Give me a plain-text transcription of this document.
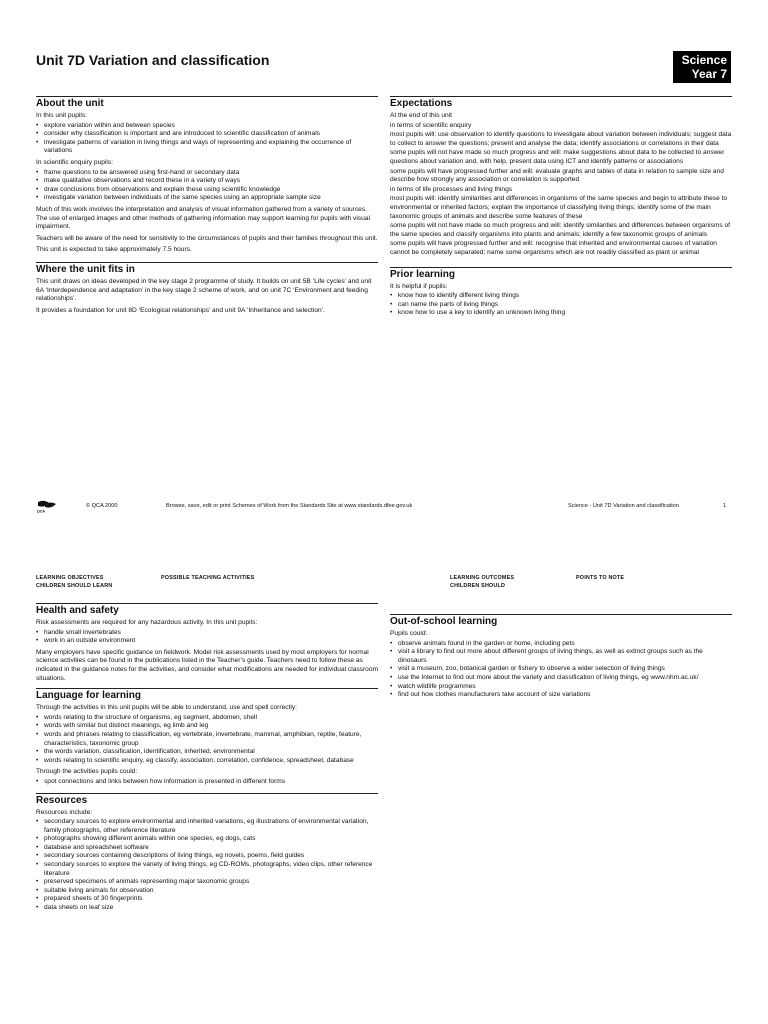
Unit 7D Variation and classification	Science
Year 7
About the unit
In this unit pupils:
• explore variation within and between species
• consider why classification is important and are introduced to scientific classification of animals
• investigate patterns of variation in living things and ways of representing and explaining the occurrence of variations
In scientific enquiry pupils:
• frame questions to be answered using first-hand or secondary data
• make qualitative observations and record these in a variety of ways
• draw conclusions from observations and explain these using scientific knowledge
• investigate variation between individuals of the same species using an appropriate sample size
Much of this work involves the interpretation and analysis of visual information gathered from a variety of sources. The use of enlarged images and other methods of gathering information may support learning for pupils with visual impairment.
Teachers will be aware of the need for sensitivity to the circumstances of pupils and their families throughout this unit.
This unit is expected to take approximately 7.5 hours.
Where the unit fits in
This unit draws on ideas developed in the key stage 2 programme of study. It builds on unit 5B ‘Life cycles’ and unit 6A ‘Interdependence and adaptation’ in the key stage 2 scheme of work, and on unit 7C ‘Environment and feeding relationships’.
It provides a foundation for unit 8D ‘Ecological relationships’ and unit 9A ‘Inheritance and selection’.
Expectations
At the end of this unit
in terms of scientific enquiry
most pupils will: use observation to identify questions to investigate about variation between individuals; suggest data to collect to answer the questions; present and analyse the data; identify associations or correlations in their data
some pupils will not have made so much progress and will: make suggestions about data to be collected to answer questions about variation and, with help, present data using ICT and identify patterns or associations
some pupils will have progressed further and will: evaluate graphs and tables of data in relation to sample size and describe how strongly any association or correlation is supported
in terms of life processes and living things
most pupils will: identify similarities and differences in organisms of the same species and begin to attribute these to environmental or inherited factors; explain the importance of classifying living things; identify some of the main taxonomic groups of animals and describe some features of these
some pupils will not have made so much progress and will: identify similarities and differences between organisms of the same species and classify organisms into plants and animals; identify a few taxonomic groups of animals
some pupils will have progressed further and will: recognise that inherited and environmental causes of variation cannot be completely separated; name some organisms which are not readily classified as plant or animal
Prior learning
It is helpful if pupils:
• know how to identify different living things
• can name the parts of living things
• know how to use a key to identify an unknown living thing
QCA
© QCA 2000	Browse, save, edit or print Schemes of Work from the Standards Site at www.standards.dfee.gov.uk	Science - Unit 7D Variation and classification	1
LEARNING OBJECTIVES
CHILDREN SHOULD LEARN
POSSIBLE TEACHING ACTIVITIES	LEARNING OUTCOMES
CHILDREN SHOULD
POINTS TO NOTE
Health and safety
Risk assessments are required for any hazardous activity. In this unit pupils:
• handle small invertebrates
• work in an outside environment
Many employers have specific guidance on fieldwork. Model risk assessments used by most employers for normal science activities can be found in the publications listed in the Teacher’s guide. Teachers need to follow these as indicated in the guidance notes for the activities, and consider what modifications are needed for individual classroom situations.
Language for learning
Through the activities in this unit pupils will be able to understand, use and spell correctly:
• words relating to the structure of organisms, eg segment, abdomen, shell
• words with similar but distinct meanings, eg limb and leg
• words and phrases relating to classification, eg vertebrate, invertebrate, mammal, amphibian, reptile, feature, characteristics, taxonomic group
• the words variation, classification, identification, inherited, environmental
• words relating to scientific enquiry, eg classify, association, correlation, confidence, spreadsheet, database
Through the activities pupils could:
• spot connections and links between how information is presented in different forms
Resources
Resources include:
• secondary sources to explore environmental and inherited variations, eg illustrations of environmental variation, family photographs, other reference literature
• photographs showing different animals within one species, eg dogs, cats
• database and spreadsheet software
• secondary sources containing descriptions of living things, eg novels, poems, field guides
• secondary sources to explore the variety of living things, eg CD-ROMs, photographs, video clips, other reference literature
• preserved specimens of animals representing major taxonomic groups
• suitable living animals for observation
• prepared sheets of 30 fingerprints
• data sheets on leaf size
Out-of-school learning
Pupils could:
• observe animals found in the garden or home, including pets
• visit a library to find out more about different groups of living things, as well as extinct groups such as the dinosaurs
• visit a museum, zoo, botanical garden or fishery to observe a wider selection of living things
• use the Internet to find out more about the variety and classification of living things, eg www.nhm.ac.uk/
• watch wildlife programmes
• find out how clothes manufacturers take account of size variations
